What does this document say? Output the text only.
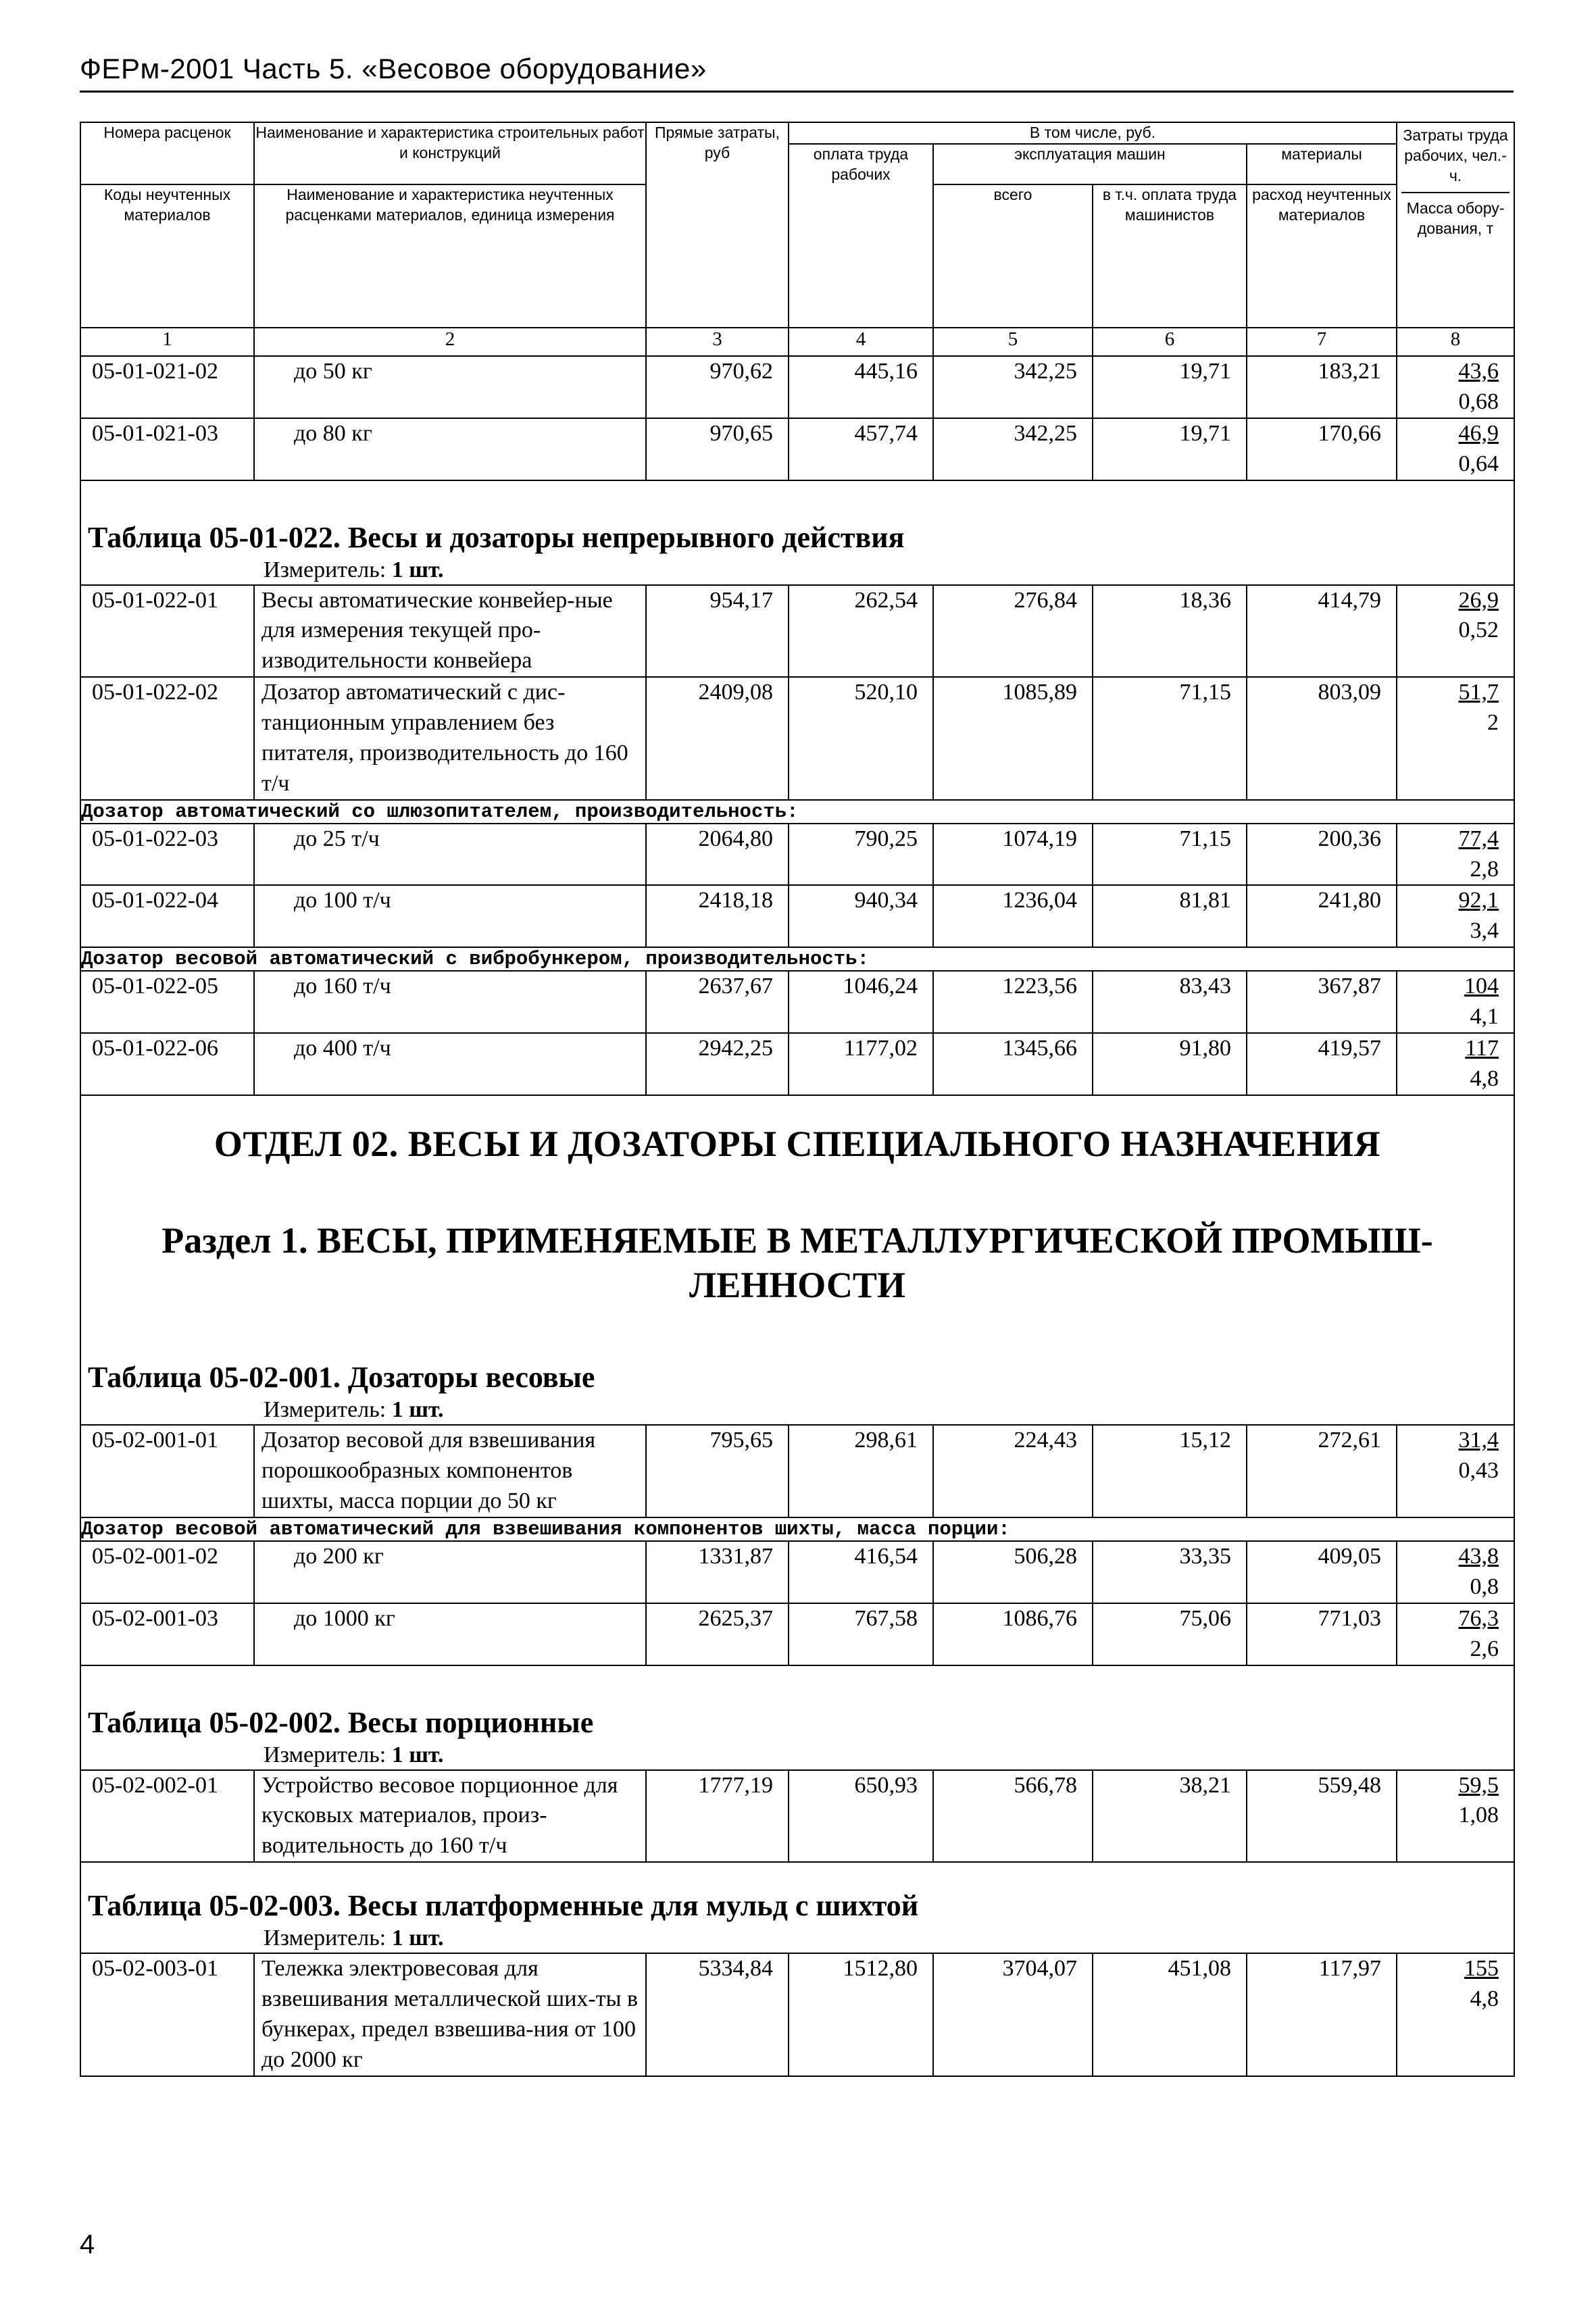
ФЕРм-2001 Часть 5. «Весовое оборудование»
Номера расценок	Наименование и характеристика строительных работ и конструкций	Прямые затраты, руб	В том числе, руб.				Затраты труда рабочих, чел.-ч.
Масса обору-дования, т

			оплата труда рабочих	эксплуатация машин		материалы	
Коды неучтенных материалов	Наименование и характеристика неучтенных расценками материалов, единица измерения			всего	в т.ч. оплата труда машинистов	расход неучтенных материалов	

1	2	3	4	5	6	7	8
05-01-021-02	до 50 кг	970,62	445,16	342,25	19,71	183,21	43,6
0,68

05-01-021-03	до 80 кг	970,65	457,74	342,25	19,71	170,66	46,9
0,64

Таблица 05-01-022. Весы и дозаторы непрерывного действия
Измеритель: 1 шт.							

05-01-022-01	Весы автоматические конвейер-ные для измерения текущей про-изводительности конвейера	954,17	262,54	276,84	18,36	414,79	26,9
0,52

05-01-022-02	Дозатор автоматический с дис-танционным управлением без питателя, производительность до 160 т/ч	2409,08	520,10	1085,89	71,15	803,09	51,7
2

Дозатор автоматический со шлюзопитателем, производительность:							
05-01-022-03	до 25 т/ч	2064,80	790,25	1074,19	71,15	200,36	77,4
2,8

05-01-022-04	до 100 т/ч	2418,18	940,34	1236,04	81,81	241,80	92,1
3,4

Дозатор весовой автоматический с вибробункером, производительность:							
05-01-022-05	до 160 т/ч	2637,67	1046,24	1223,56	83,43	367,87	104
4,1

05-01-022-06	до 400 т/ч	2942,25	1177,02	1345,66	91,80	419,57	117
4,8

ОТДЕЛ 02. ВЕСЫ И ДОЗАТОРЫ СПЕЦИАЛЬНОГО НАЗНАЧЕНИЯ
Раздел 1. ВЕСЫ, ПРИМЕНЯЕМЫЕ В МЕТАЛЛУРГИЧЕСКОЙ ПРОМЫШ-ЛЕННОСТИ							

Таблица 05-02-001. Дозаторы весовые
Измеритель: 1 шт.							

05-02-001-01	Дозатор весовой для взвешивания порошкообразных компонентов шихты, масса порции до 50 кг	795,65	298,61	224,43	15,12	272,61	31,4
0,43

Дозатор весовой автоматический для взвешивания компонентов шихты, масса порции:							
05-02-001-02	до 200 кг	1331,87	416,54	506,28	33,35	409,05	43,8
0,8

05-02-001-03	до 1000 кг	2625,37	767,58	1086,76	75,06	771,03	76,3
2,6

Таблица 05-02-002. Весы порционные
Измеритель: 1 шт.							

05-02-002-01	Устройство весовое порционное для кусковых материалов, произ-водительность до 160 т/ч	1777,19	650,93	566,78	38,21	559,48	59,5
1,08

Таблица 05-02-003. Весы платформенные для мульд с шихтой
Измеритель: 1 шт.							

05-02-003-01	Тележка электровесовая для взвешивания металлической ших-ты в бункерах, предел взвешива-ния от 100 до 2000 кг	5334,84	1512,80	3704,07	451,08	117,97	155
4,8
4
